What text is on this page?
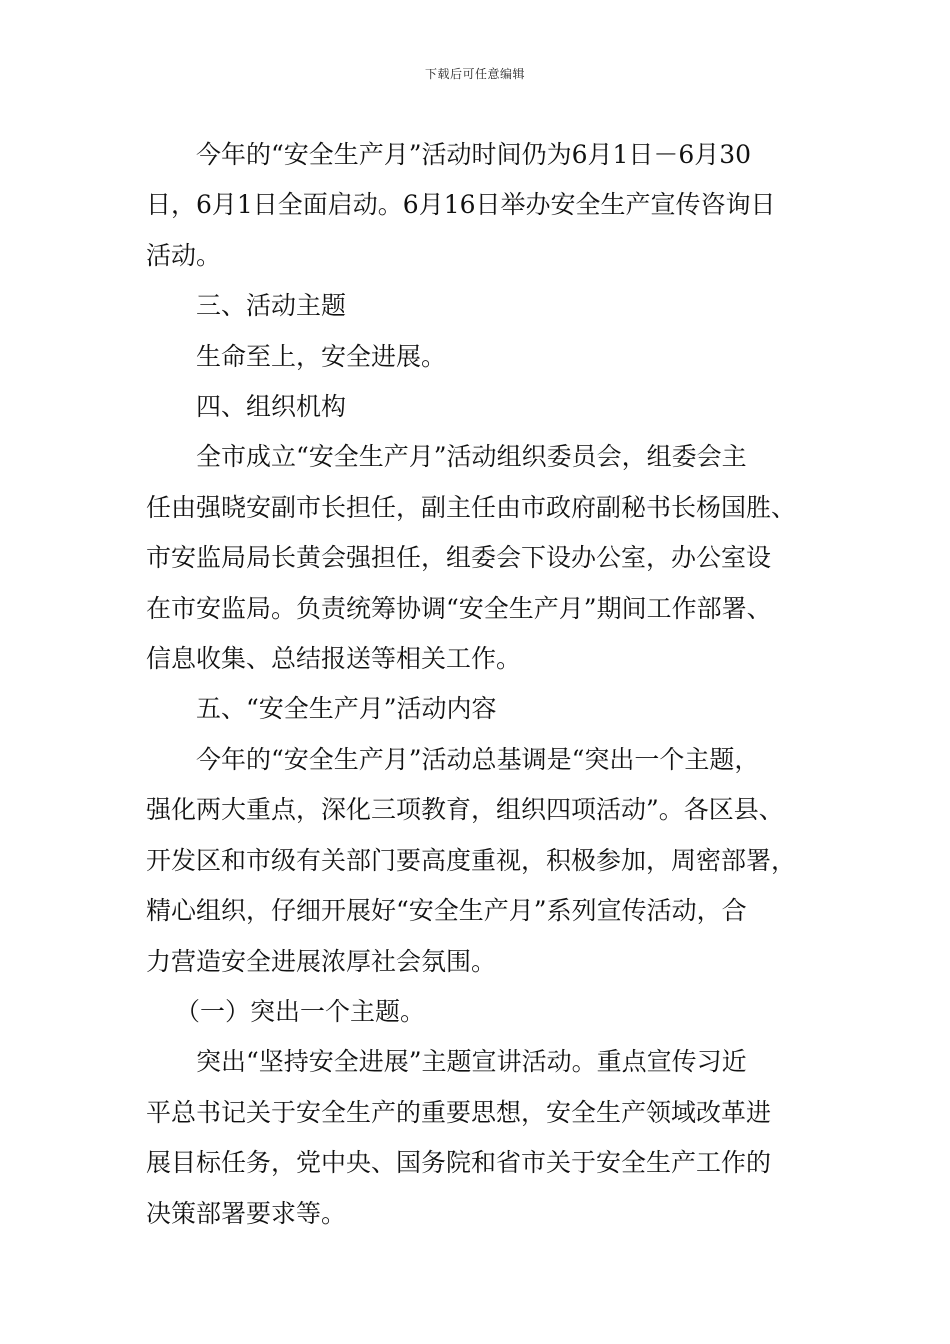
下载后可任意编辑

今年的“安全生产月”活动时间仍为6月1日－6月30

日，6月1日全面启动。6月16日举办安全生产宣传咨询日

活动。

三、活动主题

生命至上，安全进展。

四、组织机构

全市成立“安全生产月”活动组织委员会，组委会主

任由强晓安副市长担任，副主任由市政府副秘书长杨国胜、

市安监局局长黄会强担任，组委会下设办公室，办公室设

在市安监局。负责统筹协调“安全生产月”期间工作部署、

信息收集、总结报送等相关工作。

五、“安全生产月”活动内容

今年的“安全生产月”活动总基调是“突出一个主题，

强化两大重点，深化三项教育，组织四项活动”。各区县、

开发区和市级有关部门要高度重视，积极参加，周密部署，

精心组织，仔细开展好“安全生产月”系列宣传活动，合

力营造安全进展浓厚社会氛围。

（一）突出一个主题。

突出“坚持安全进展”主题宣讲活动。重点宣传习近

平总书记关于安全生产的重要思想，安全生产领域改革进

展目标任务，党中央、国务院和省市关于安全生产工作的

决策部署要求等。
